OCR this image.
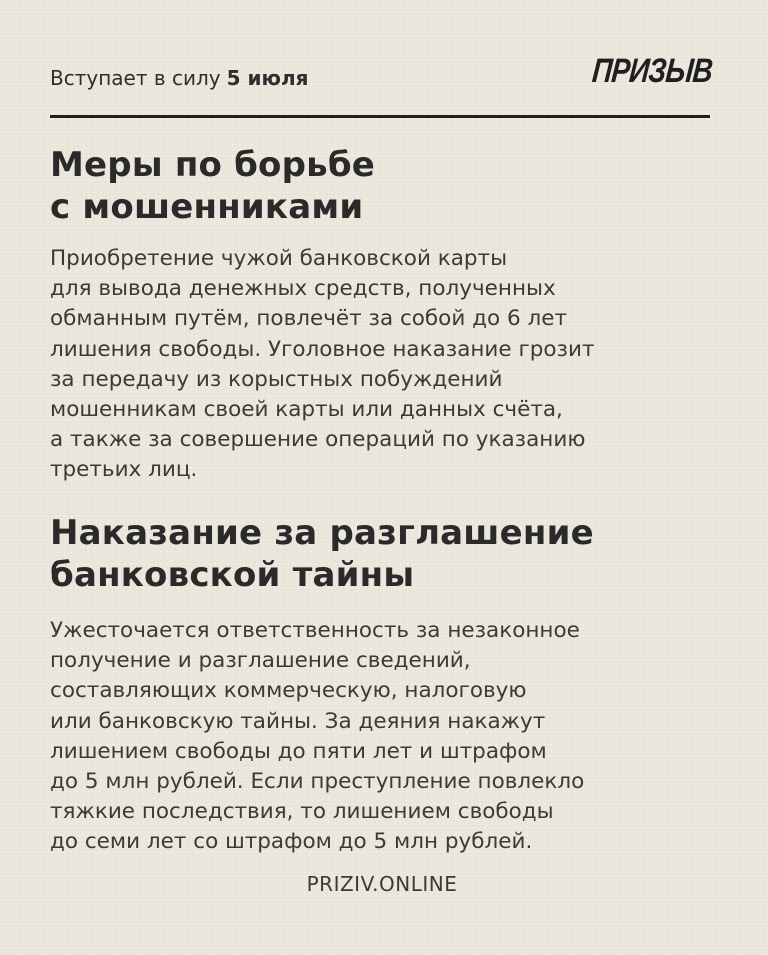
Вступает в силу 5 июля	ПРИЗЫВ
Меры по борьбе
с мошенниками

Приобретение чужой банковской карты
для вывода денежных средств, полученных
обманным путём, повлечёт за собой до 6 лет
лишения свободы. Уголовное наказание грозит
за передачу из корыстных побуждений
мошенникам своей карты или данных счёта,
а также за совершение операций по указанию
третьих лиц.

Наказание за разглашение
банковской тайны

Ужесточается ответственность за незаконное
получение и разглашение сведений,
составляющих коммерческую, налоговую
или банковскую тайны. За деяния накажут
лишением свободы до пяти лет и штрафом
до 5 млн рублей. Если преступление повлекло
тяжкие последствия, то лишением свободы
до семи лет со штрафом до 5 млн рублей.

PRIZIV.ONLINE
